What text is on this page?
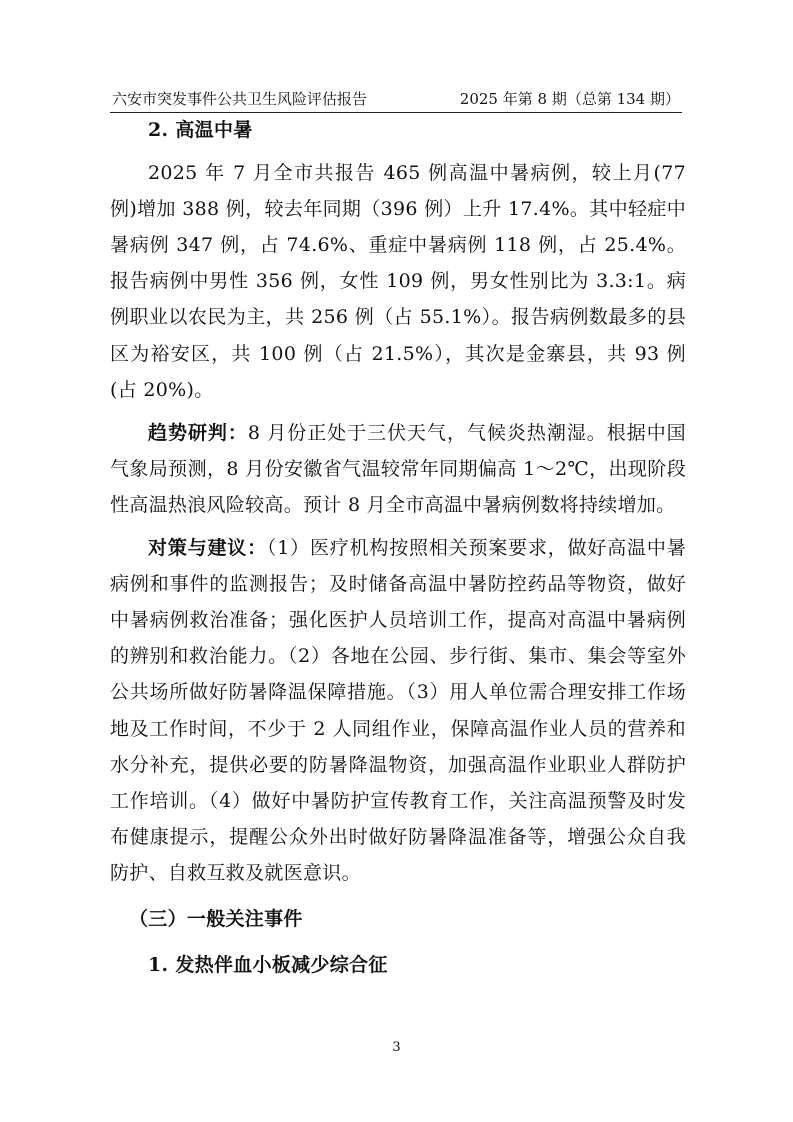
六安市突发事件公共卫生风险评估报告	2025 年第 8 期（总第 134 期）
2. 高温中暑

2025 年 7 月全市共报告 465 例高温中暑病例，较上月(77 例)增加 388 例，较去年同期（396 例）上升 17.4%。其中轻症中暑病例 347 例，占 74.6%、重症中暑病例 118 例，占 25.4%。报告病例中男性 356 例，女性 109 例，男女性别比为 3.3:1。病例职业以农民为主，共 256 例（占 55.1%）。报告病例数最多的县区为裕安区，共 100 例（占 21.5%），其次是金寨县，共 93 例(占 20%)。

趋势研判：8 月份正处于三伏天气，气候炎热潮湿。根据中国气象局预测，8 月份安徽省气温较常年同期偏高 1～2℃，出现阶段性高温热浪风险较高。预计 8 月全市高温中暑病例数将持续增加。

对策与建议：（1）医疗机构按照相关预案要求，做好高温中暑病例和事件的监测报告；及时储备高温中暑防控药品等物资，做好中暑病例救治准备；强化医护人员培训工作，提高对高温中暑病例的辨别和救治能力。（2）各地在公园、步行街、集市、集会等室外公共场所做好防暑降温保障措施。（3）用人单位需合理安排工作场地及工作时间，不少于 2 人同组作业，保障高温作业人员的营养和水分补充，提供必要的防暑降温物资，加强高温作业职业人群防护工作培训。（4）做好中暑防护宣传教育工作，关注高温预警及时发布健康提示，提醒公众外出时做好防暑降温准备等，增强公众自我防护、自救互救及就医意识。

（三）一般关注事件
1. 发热伴血小板减少综合征
3
